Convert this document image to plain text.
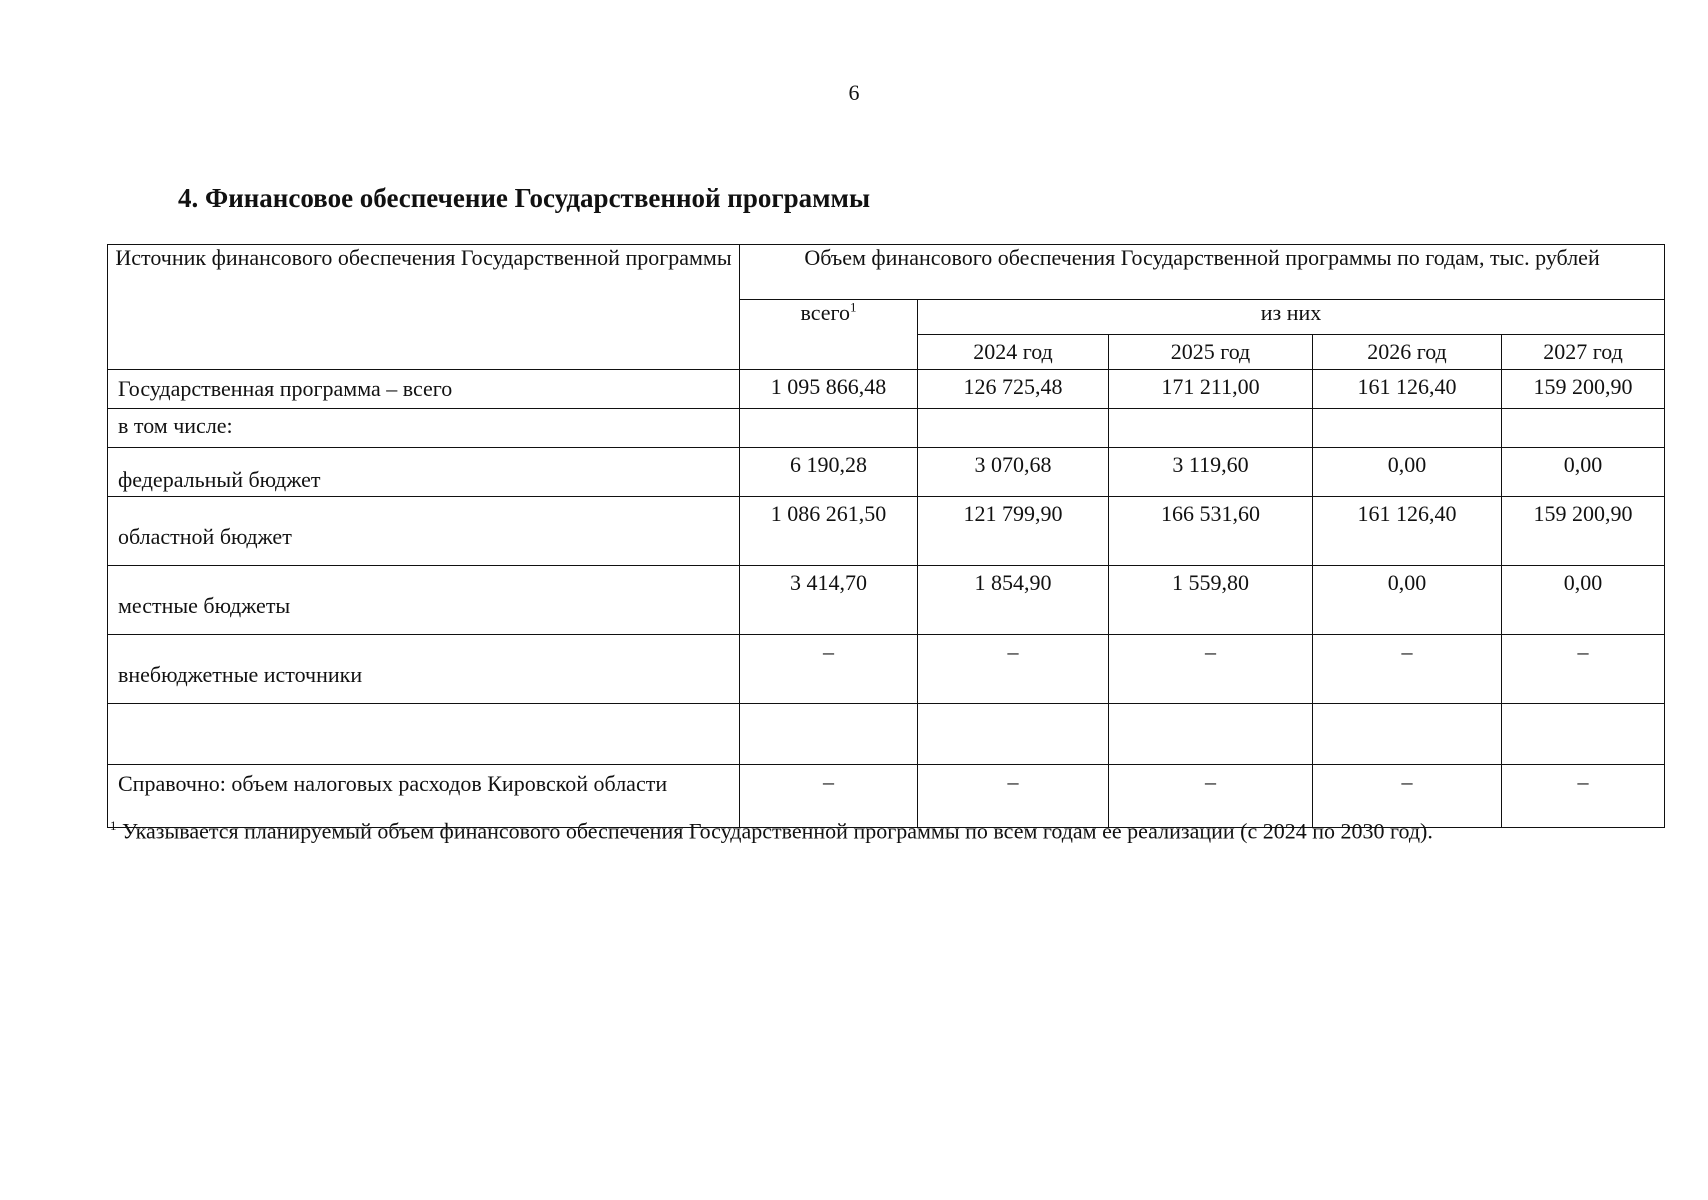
6
4. Финансовое обеспечение Государственной программы
Источник финансового обеспечения Государственной программы	Объем финансового обеспечения Государственной программы по годам, тыс. рублей				
	всего$^1$	из них			
		2024 год	2025 год	2026 год	2027 год
Государственная программа – всего	1 095 866,48	126 725,48	171 211,00	161 126,40	159 200,90
в том числе:					
федеральный бюджет	6 190,28	3 070,68	3 119,60	0,00	0,00
областной бюджет	1 086 261,50	121 799,90	166 531,60	161 126,40	159 200,90
местные бюджеты	3 414,70	1 854,90	1 559,80	0,00	0,00
внебюджетные источники	–	–	–	–	–

Справочно: объем налоговых расходов Кировской области	–	–	–	–	–

$^1$ Указывается планируемый объем финансового обеспечения Государственной программы по всем годам ее реализации (с 2024 по 2030 год).
